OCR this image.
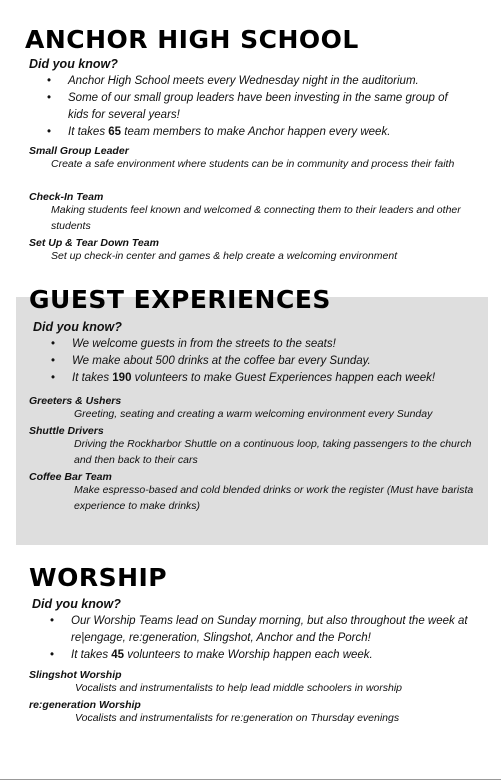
ANCHOR HIGH SCHOOL
Did you know?
• Anchor High School meets every Wednesday night in the auditorium.
• Some of our small group leaders have been investing in the same group of kids for several years!
• It takes 65 team members to make Anchor happen every week.
Small Group Leader
Create a safe environment where students can be in community and process their faith
Check-In Team
Making students feel known and welcomed & connecting them to their leaders and other students
Set Up & Tear Down Team
Set up check-in center and games & help create a welcoming environment
GUEST EXPERIENCES
Did you know?
• We welcome guests in from the streets to the seats!
• We make about 500 drinks at the coffee bar every Sunday.
• It takes 190 volunteers to make Guest Experiences happen each week!
Greeters & Ushers
Greeting, seating and creating a warm welcoming environment every Sunday
Shuttle Drivers
Driving the Rockharbor Shuttle on a continuous loop, taking passengers to the church and then back to their cars
Coffee Bar Team
Make espresso-based and cold blended drinks or work the register (Must have barista experience to make drinks)
WORSHIP
Did you know?
• Our Worship Teams lead on Sunday morning, but also throughout the week at re|engage, re:generation, Slingshot, Anchor and the Porch!
• It takes 45 volunteers to make Worship happen each week.
Slingshot Worship
Vocalists and instrumentalists to help lead middle schoolers in worship
re:generation Worship
Vocalists and instrumentalists for re:generation on Thursday evenings
